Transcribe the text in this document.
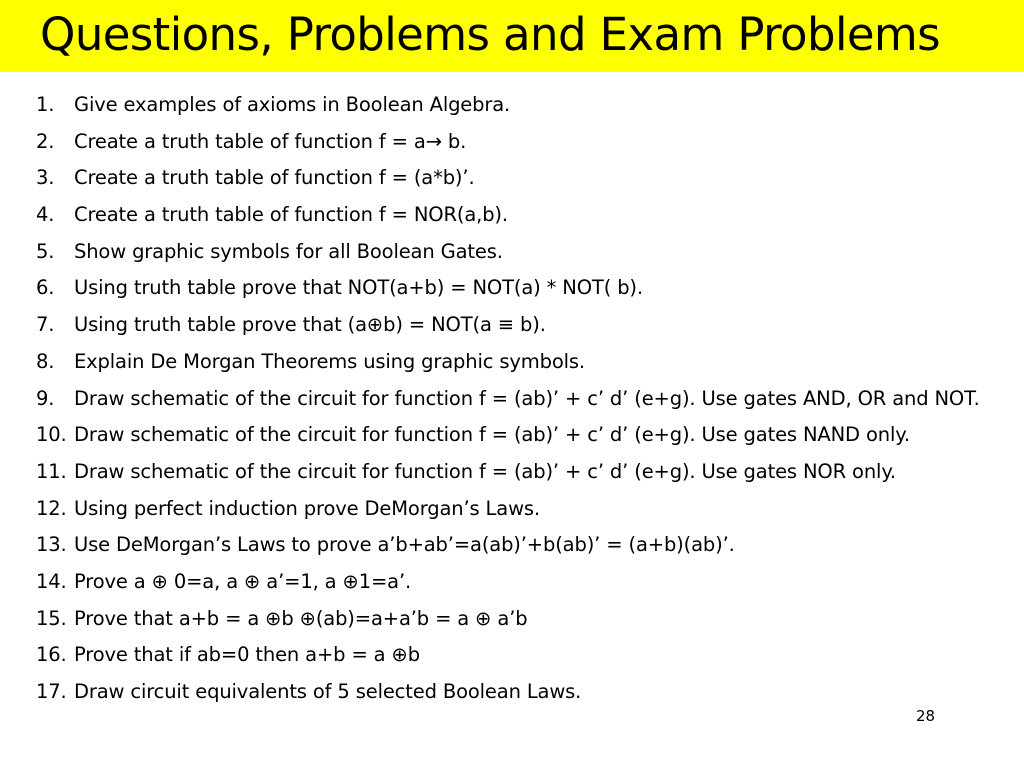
Questions, Problems and Exam Problems
1.	Give examples of axioms in Boolean Algebra.
2.	Create a truth table of function f = a→ b.
3.	Create a truth table of function f = (a*b)’.
4.	Create a truth table of function f = NOR(a,b).
5.	Show graphic symbols for all Boolean Gates.
6.	Using truth table prove that NOT(a+b) = NOT(a) * NOT( b).
7.	Using truth table prove that (a⊕b) = NOT(a ≡ b).
8.	Explain De Morgan Theorems using graphic symbols.
9.	Draw schematic of the circuit for function f = (ab)’ + c’ d’ (e+g). Use gates AND, OR and NOT.
10. Draw schematic of the circuit for function f = (ab)’ + c’ d’ (e+g). Use gates NAND only.
11. Draw schematic of the circuit for function f = (ab)’ + c’ d’ (e+g). Use gates NOR only.
12. Using perfect induction prove DeMorgan’s Laws.
13. Use DeMorgan’s Laws to prove a’b+ab’=a(ab)’+b(ab)’ = (a+b)(ab)’.
14. Prove a ⊕ 0=a, a ⊕ a’=1, a ⊕1=a’.
15. Prove that a+b = a ⊕b ⊕(ab)=a+a’b = a ⊕ a’b
16. Prove that if ab=0 then a+b = a ⊕b
17. Draw circuit equivalents of 5 selected Boolean Laws.
28
